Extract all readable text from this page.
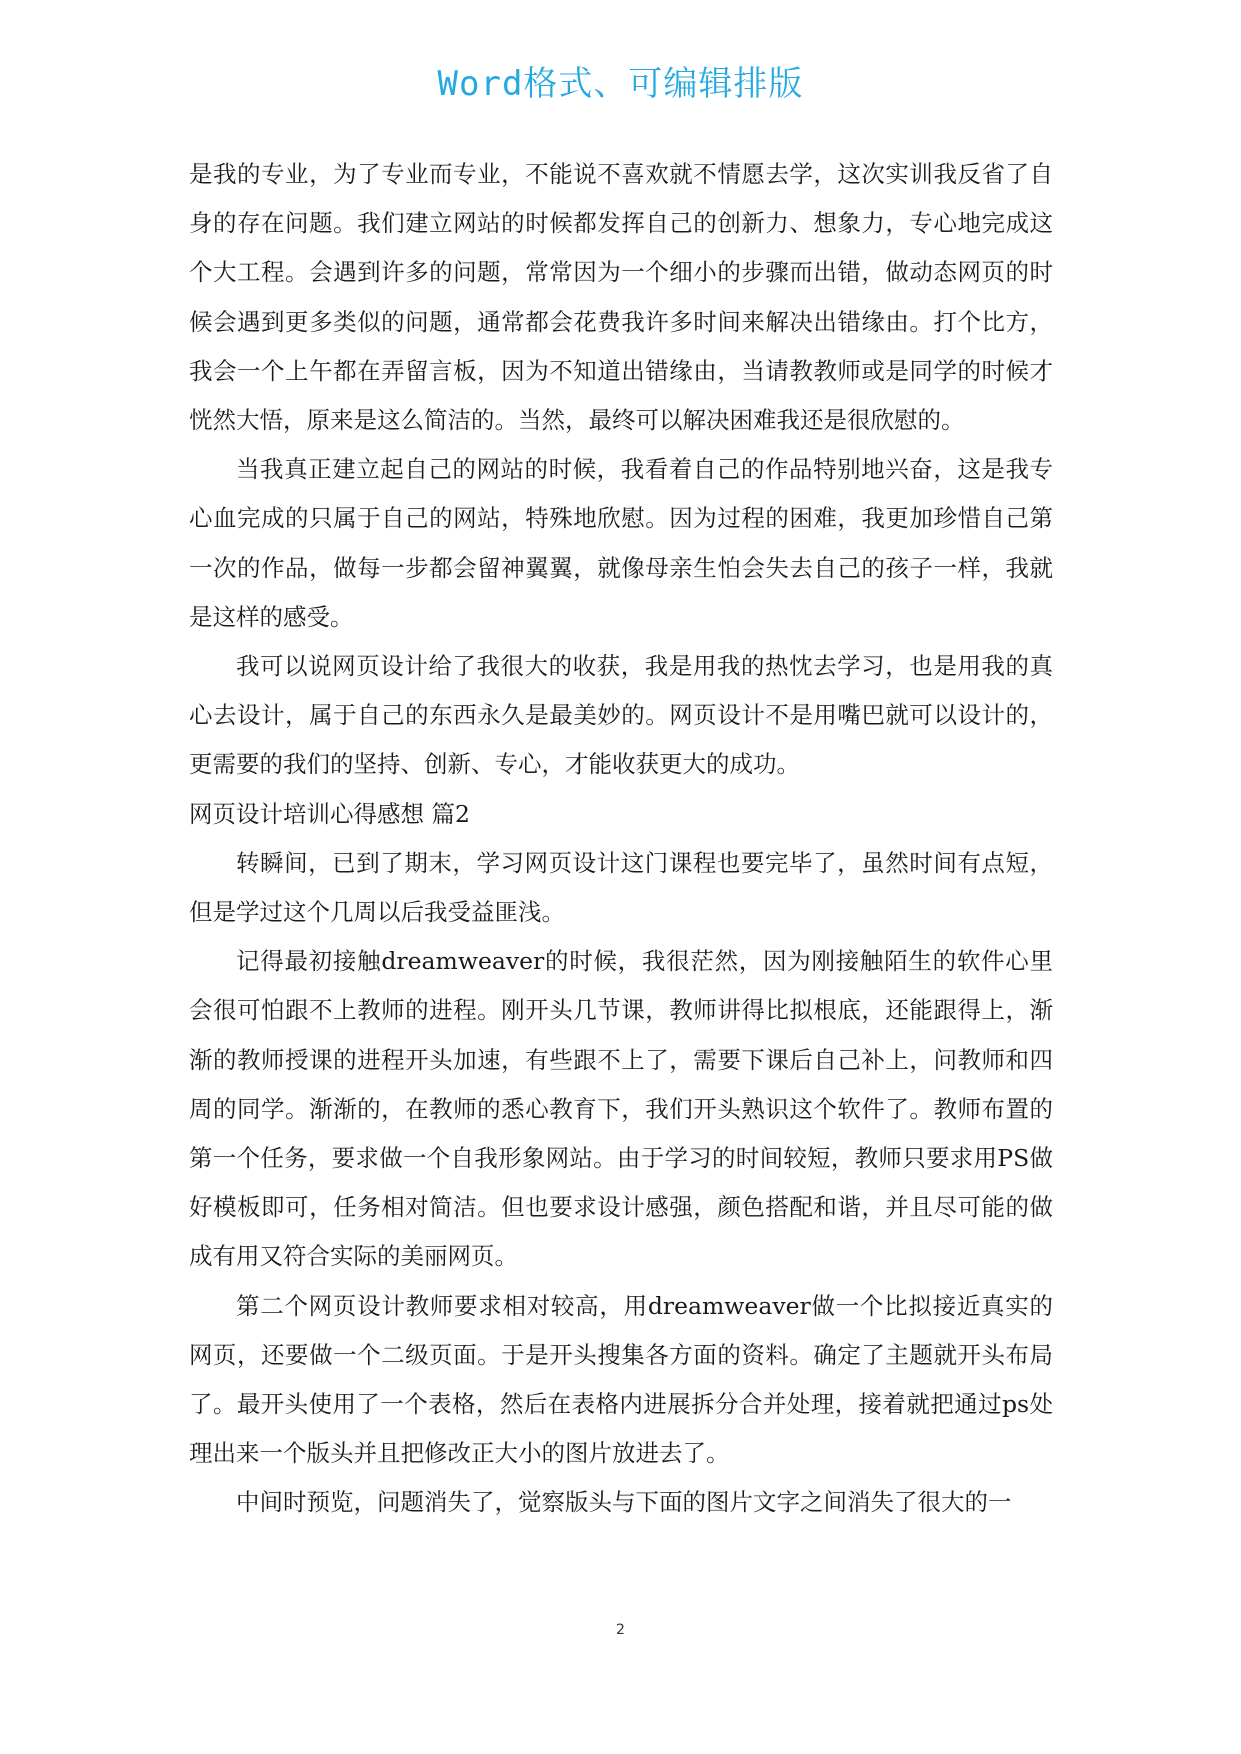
Word格式、可编辑排版

是我的专业，为了专业而专业，不能说不喜欢就不情愿去学，这次实训我反省了自身的存在问题。我们建立网站的时候都发挥自己的创新力、想象力，专心地完成这个大工程。会遇到许多的问题，常常因为一个细小的步骤而出错，做动态网页的时候会遇到更多类似的问题，通常都会花费我许多时间来解决出错缘由。打个比方，我会一个上午都在弄留言板，因为不知道出错缘由，当请教教师或是同学的时候才恍然大悟，原来是这么简洁的。当然，最终可以解决困难我还是很欣慰的。

当我真正建立起自己的网站的时候，我看着自己的作品特别地兴奋，这是我专心血完成的只属于自己的网站，特殊地欣慰。因为过程的困难，我更加珍惜自己第一次的作品，做每一步都会留神翼翼，就像母亲生怕会失去自己的孩子一样，我就是这样的感受。

我可以说网页设计给了我很大的收获，我是用我的热忱去学习，也是用我的真心去设计，属于自己的东西永久是最美妙的。网页设计不是用嘴巴就可以设计的，更需要的我们的坚持、创新、专心，才能收获更大的成功。

网页设计培训心得感想 篇2

转瞬间，已到了期末，学习网页设计这门课程也要完毕了，虽然时间有点短，但是学过这个几周以后我受益匪浅。

记得最初接触dreamweaver的时候，我很茫然，因为刚接触陌生的软件心里会很可怕跟不上教师的进程。刚开头几节课，教师讲得比拟根底，还能跟得上，渐渐的教师授课的进程开头加速，有些跟不上了，需要下课后自己补上，问教师和四周的同学。渐渐的，在教师的悉心教育下，我们开头熟识这个软件了。教师布置的第一个任务，要求做一个自我形象网站。由于学习的时间较短，教师只要求用PS做好模板即可，任务相对简洁。但也要求设计感强，颜色搭配和谐，并且尽可能的做成有用又符合实际的美丽网页。

第二个网页设计教师要求相对较高，用dreamweaver做一个比拟接近真实的网页，还要做一个二级页面。于是开头搜集各方面的资料。确定了主题就开头布局了。最开头使用了一个表格，然后在表格内进展拆分合并处理，接着就把通过ps处理出来一个版头并且把修改正大小的图片放进去了。

中间时预览，问题消失了，觉察版头与下面的图片文字之间消失了很大的一

2
